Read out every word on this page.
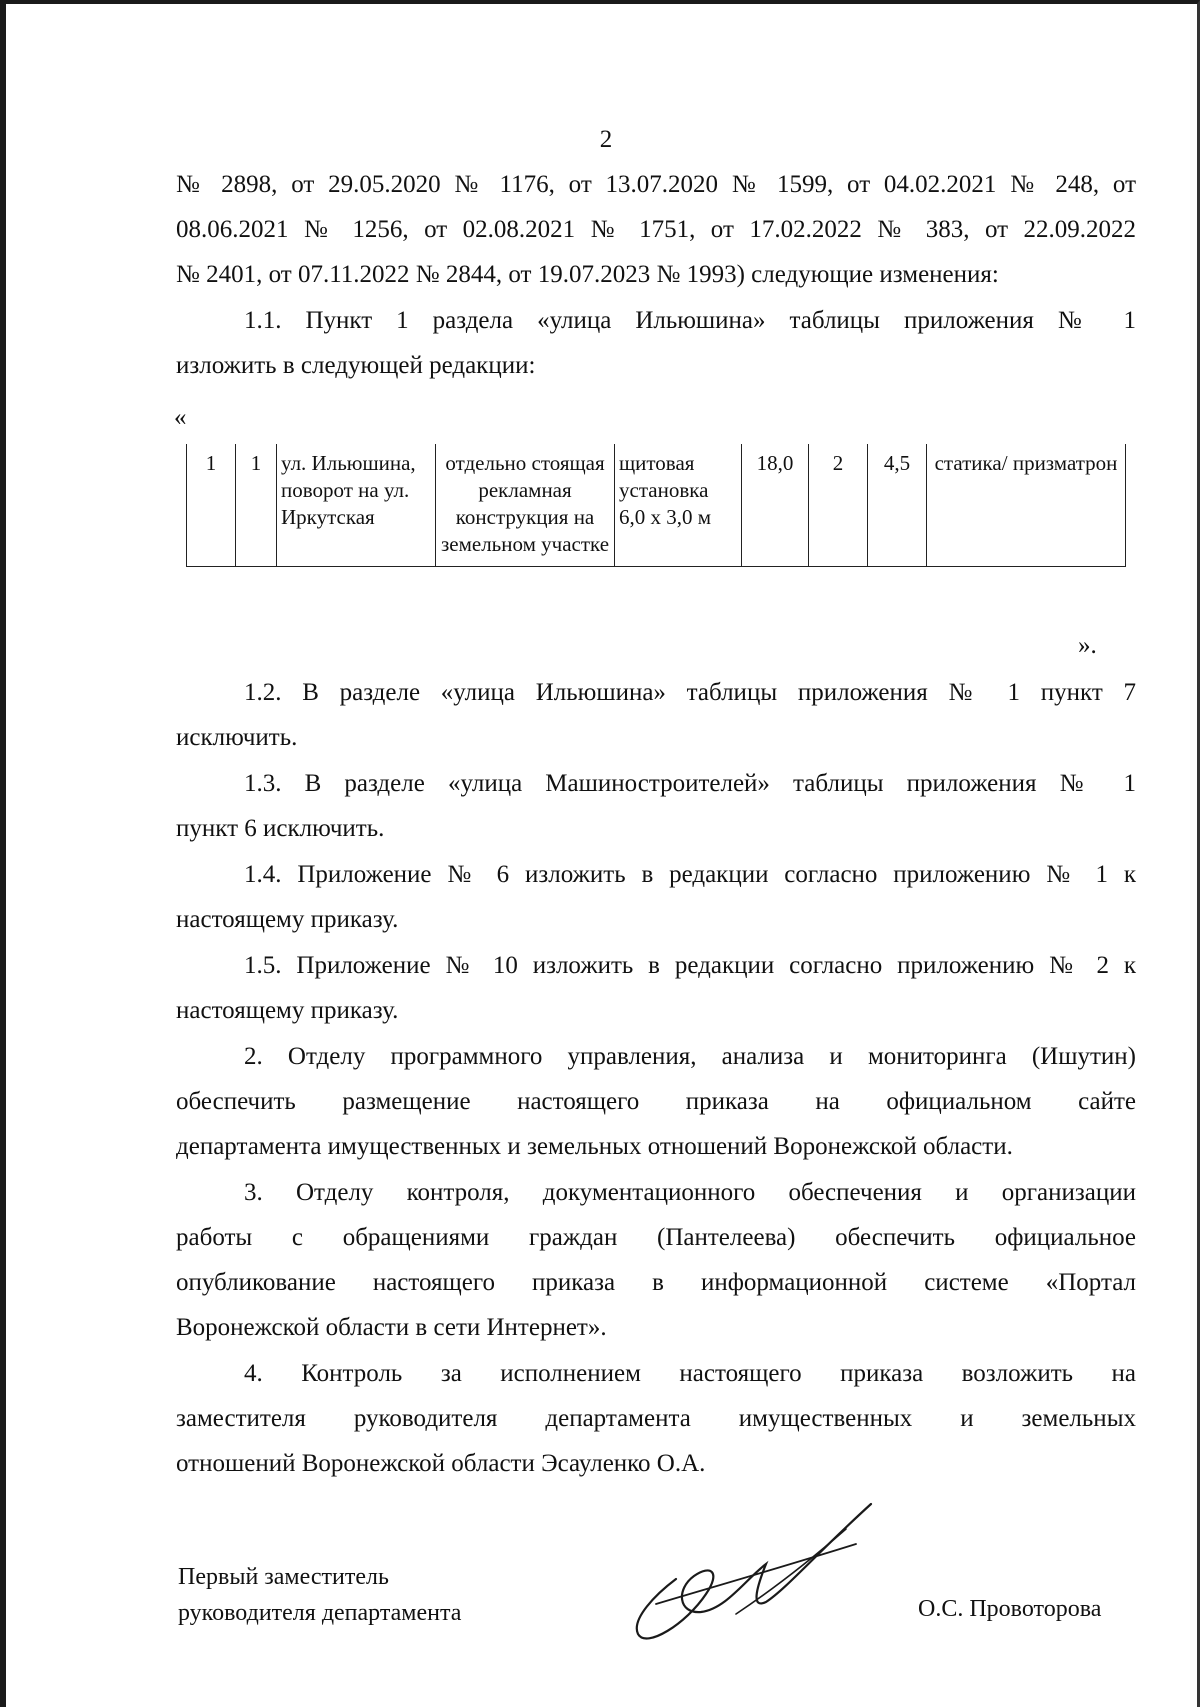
2

№ 2898, от 29.05.2020 № 1176, от 13.07.2020 № 1599, от 04.02.2021 № 248, от
08.06.2021 № 1256, от 02.08.2021 № 1751, от 17.02.2022 № 383, от 22.09.2022
№ 2401, от 07.11.2022 № 2844, от 19.07.2023 № 1993) следующие изменения:

1.1. Пункт 1 раздела «улица Ильюшина» таблицы приложения № 1
изложить в следующей редакции:

«
1	1	ул. Ильюшина, поворот на ул. Иркутская	отдельно стоящая рекламная конструкция на земельном участке	щитовая установка 6,0 х 3,0 м	18,0	2	4,5	статика/ призматрон
».

1.2. В разделе «улица Ильюшина» таблицы приложения № 1 пункт 7
исключить.

1.3. В разделе «улица Машиностроителей» таблицы приложения № 1
пункт 6 исключить.

1.4. Приложение № 6 изложить в редакции согласно приложению № 1 к
настоящему приказу.

1.5. Приложение № 10 изложить в редакции согласно приложению № 2 к
настоящему приказу.

2. Отделу программного управления, анализа и мониторинга (Ишутин)
обеспечить размещение настоящего приказа на официальном сайте
департамента имущественных и земельных отношений Воронежской области.

3. Отделу контроля, документационного обеспечения и организации
работы с обращениями граждан (Пантелеева) обеспечить официальное
опубликование настоящего приказа в информационной системе «Портал
Воронежской области в сети Интернет».

4. Контроль за исполнением настоящего приказа возложить на
заместителя руководителя департамента имущественных и земельных
отношений Воронежской области Эсауленко О.А.

Первый заместитель
руководителя департамента	О.С. Провоторова
